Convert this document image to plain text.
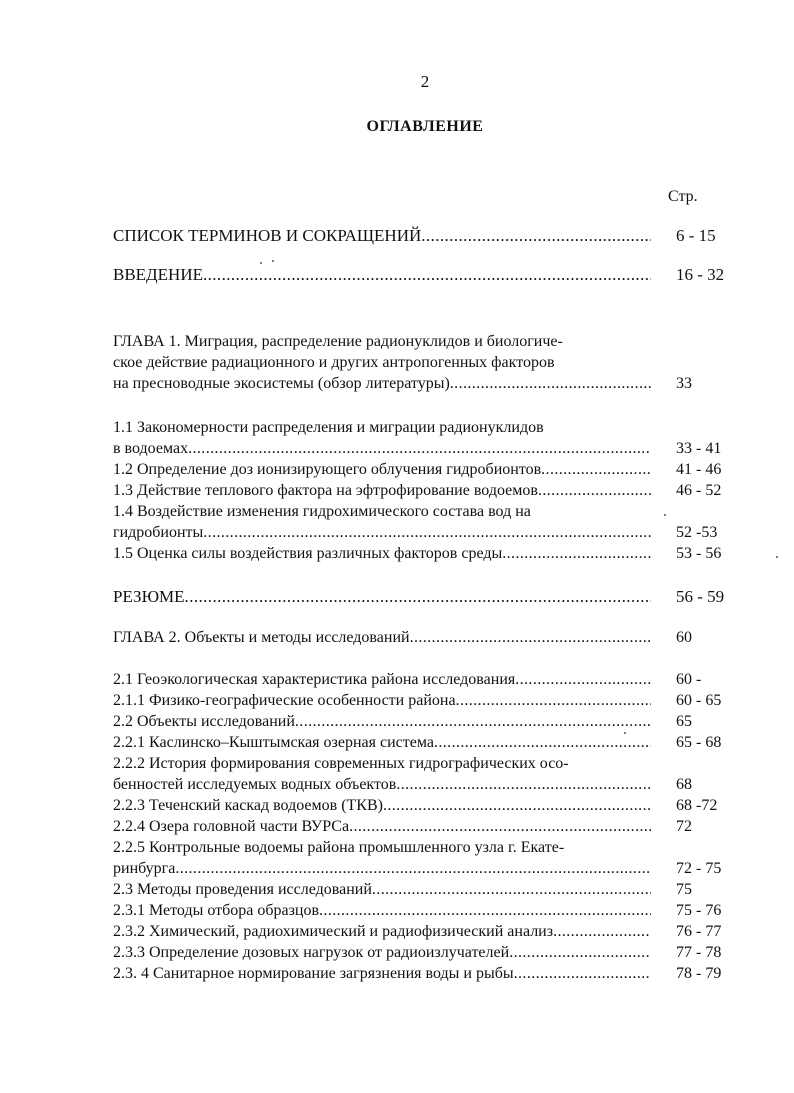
2
ОГЛАВЛЕНИЕ
Стр.
СПИСОК ТЕРМИНОВ И СОКРАЩЕНИЙ .....	6 - 15
ВВЕДЕНИЕ .....	16 - 32
ГЛАВА 1. Миграция, распределение радионуклидов и биологиче-
ское действие радиационного и других антропогенных факторов
на пресноводные экосистемы (обзор литературы) .....	33
1.1 Закономерности распределения и миграции радионуклидов
в водоемах .....	33 - 41
1.2 Определение доз ионизирующего облучения гидробионтов .....	41 - 46
1.3 Действие теплового фактора на эфтрофирование водоемов .....	46 - 52
1.4 Воздействие изменения гидрохимического состава вод на
гидробионты .....	52 -53
1.5 Оценка силы воздействия различных факторов среды .....	53 - 56
РЕЗЮМЕ .....	56 - 59
ГЛАВА 2. Объекты и методы исследований .....	60
2.1 Геоэкологическая характеристика района исследования .....	60 -
2.1.1 Физико-географические особенности района .....	60 - 65
2.2 Объекты исследований .....	65
2.2.1 Каслинско–Кыштымская озерная система .....	65 - 68
2.2.2 История формирования современных гидрографических осо-
бенностей исследуемых водных объектов .....	68
2.2.3 Теченский каскад водоемов (ТКВ) .....	68 -72
2.2.4 Озера головной части ВУРСа .....	72
2.2.5 Контрольные водоемы района промышленного узла г. Екате-
ринбурга .....	72 - 75
2.3 Методы проведения исследований .....	75
2.3.1 Методы отбора образцов .....	75 - 76
2.3.2 Химический, радиохимический и радиофизический анализ .....	76 - 77
2.3.3 Определение дозовых нагрузок от радиоизлучателей .....	77 - 78
2.3. 4 Санитарное нормирование загрязнения воды и рыбы .....	78 - 79
